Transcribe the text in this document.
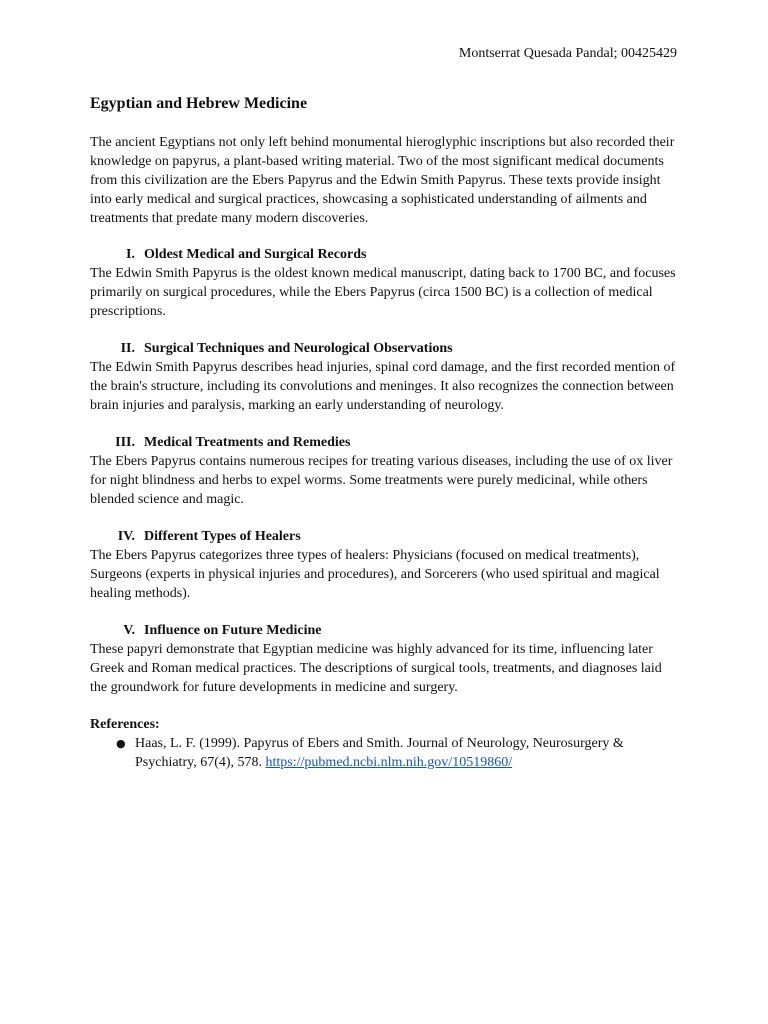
Montserrat Quesada Pandal; 00425429
Egyptian and Hebrew Medicine

The ancient Egyptians not only left behind monumental hieroglyphic inscriptions but also recorded their knowledge on papyrus, a plant-based writing material. Two of the most significant medical documents from this civilization are the Ebers Papyrus and the Edwin Smith Papyrus. These texts provide insight into early medical and surgical practices, showcasing a sophisticated understanding of ailments and treatments that predate many modern discoveries.

I. Oldest Medical and Surgical Records

The Edwin Smith Papyrus is the oldest known medical manuscript, dating back to 1700 BC, and focuses primarily on surgical procedures, while the Ebers Papyrus (circa 1500 BC) is a collection of medical prescriptions.

II. Surgical Techniques and Neurological Observations

The Edwin Smith Papyrus describes head injuries, spinal cord damage, and the first recorded mention of the brain's structure, including its convolutions and meninges. It also recognizes the connection between brain injuries and paralysis, marking an early understanding of neurology.

III. Medical Treatments and Remedies

The Ebers Papyrus contains numerous recipes for treating various diseases, including the use of ox liver for night blindness and herbs to expel worms. Some treatments were purely medicinal, while others blended science and magic.

IV. Different Types of Healers

The Ebers Papyrus categorizes three types of healers: Physicians (focused on medical treatments), Surgeons (experts in physical injuries and procedures), and Sorcerers (who used spiritual and magical healing methods).

V. Influence on Future Medicine

These papyri demonstrate that Egyptian medicine was highly advanced for its time, influencing later Greek and Roman medical practices. The descriptions of surgical tools, treatments, and diagnoses laid the groundwork for future developments in medicine and surgery.

References:

● Haas, L. F. (1999). Papyrus of Ebers and Smith. Journal of Neurology, Neurosurgery & Psychiatry, 67(4), 578. https://pubmed.ncbi.nlm.nih.gov/10519860/
